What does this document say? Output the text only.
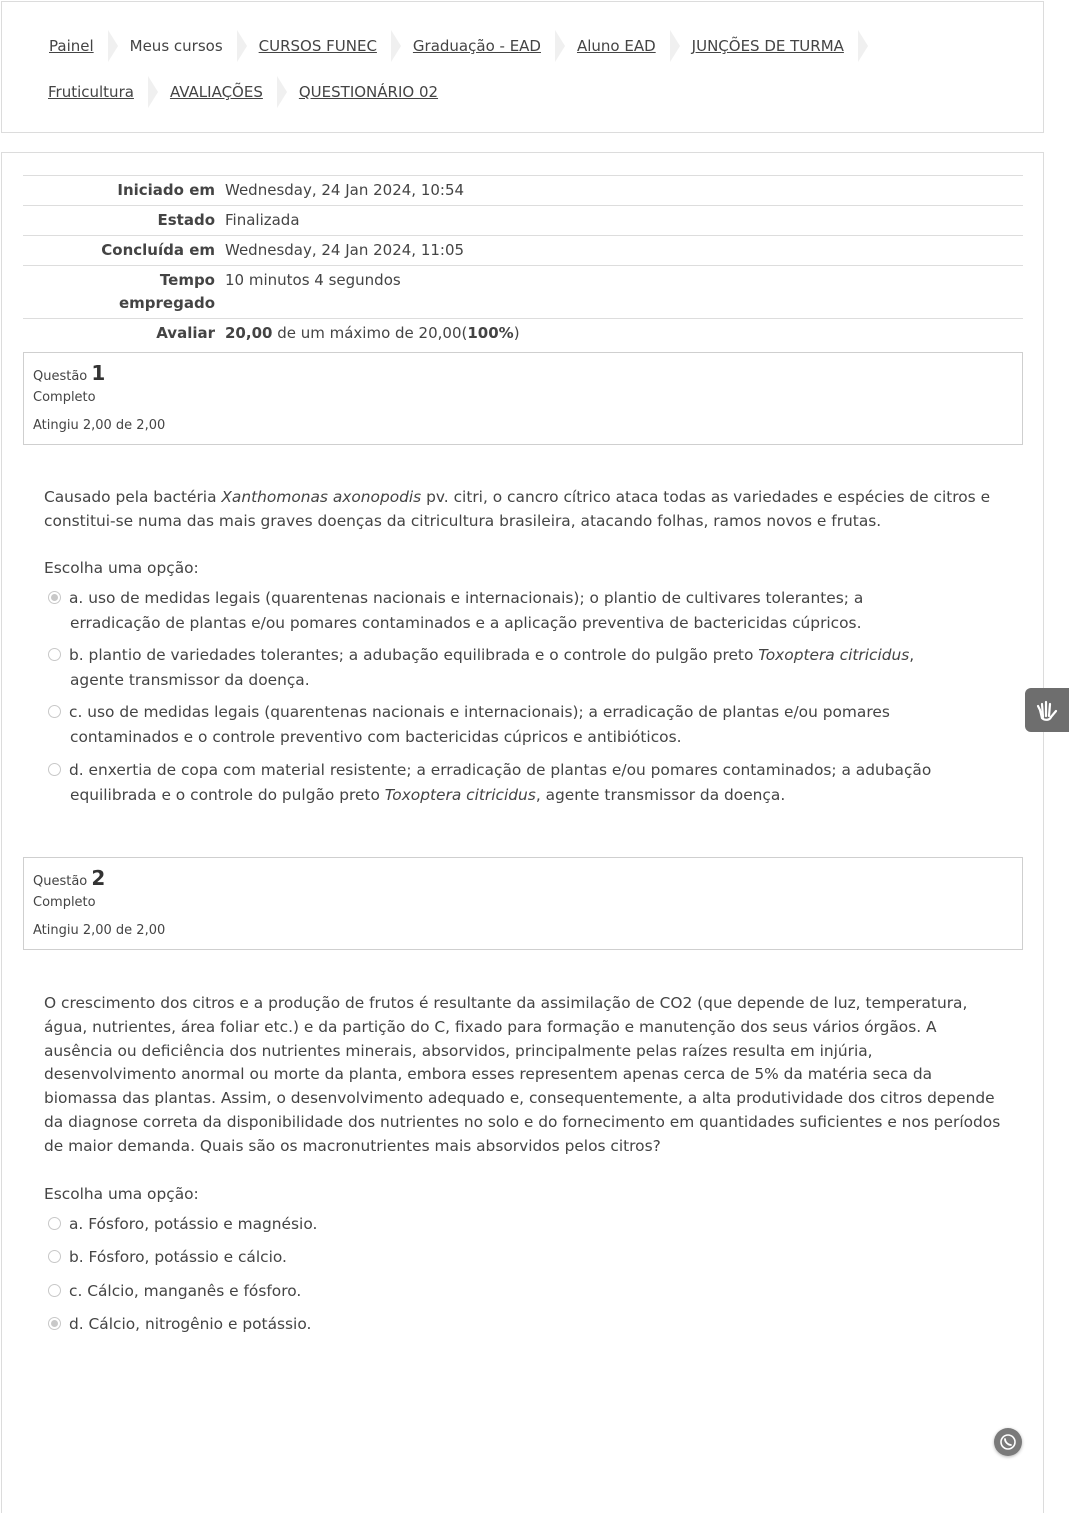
Painel Meus cursos CURSOS FUNEC Graduação - EAD Aluno EAD JUNÇÕES DE TURMA
Fruticultura AVALIAÇÕES QUESTIONÁRIO 02
Iniciado em	Wednesday, 24 Jan 2024, 10:54
Estado	Finalizada
Concluída em	Wednesday, 24 Jan 2024, 11:05
Tempo empregado	10 minutos 4 segundos
Avaliar	20,00 de um máximo de 20,00(100%)
Questão 1
Completo
Atingiu 2,00 de 2,00
Causado pela bactéria Xanthomonas axonopodis pv. citri, o cancro cítrico ataca todas as variedades e espécies de citros e constitui-se numa das mais graves doenças da citricultura brasileira, atacando folhas, ramos novos e frutas.
Escolha uma opção:
a. uso de medidas legais (quarentenas nacionais e internacionais); o plantio de cultivares tolerantes; a
erradicação de plantas e/ou pomares contaminados e a aplicação preventiva de bactericidas cúpricos.
b. plantio de variedades tolerantes; a adubação equilibrada e o controle do pulgão preto Toxoptera citricidus,
agente transmissor da doença.
c. uso de medidas legais (quarentenas nacionais e internacionais); a erradicação de plantas e/ou pomares
contaminados e o controle preventivo com bactericidas cúpricos e antibióticos.
d. enxertia de copa com material resistente; a erradicação de plantas e/ou pomares contaminados; a adubação
equilibrada e o controle do pulgão preto Toxoptera citricidus, agente transmissor da doença.
Questão 2
Completo
Atingiu 2,00 de 2,00
O crescimento dos citros e a produção de frutos é resultante da assimilação de CO2 (que depende de luz, temperatura, água, nutrientes, área foliar etc.) e da partição do C, fixado para formação e manutenção dos seus vários órgãos. A ausência ou deficiência dos nutrientes minerais, absorvidos, principalmente pelas raízes resulta em injúria, desenvolvimento anormal ou morte da planta, embora esses representem apenas cerca de 5% da matéria seca da biomassa das plantas. Assim, o desenvolvimento adequado e, consequentemente, a alta produtividade dos citros depende da diagnose correta da disponibilidade dos nutrientes no solo e do fornecimento em quantidades suficientes e nos períodos de maior demanda. Quais são os macronutrientes mais absorvidos pelos citros?
Escolha uma opção:
a. Fósforo, potássio e magnésio.
b. Fósforo, potássio e cálcio.
c. Cálcio, manganês e fósforo.
d. Cálcio, nitrogênio e potássio.
